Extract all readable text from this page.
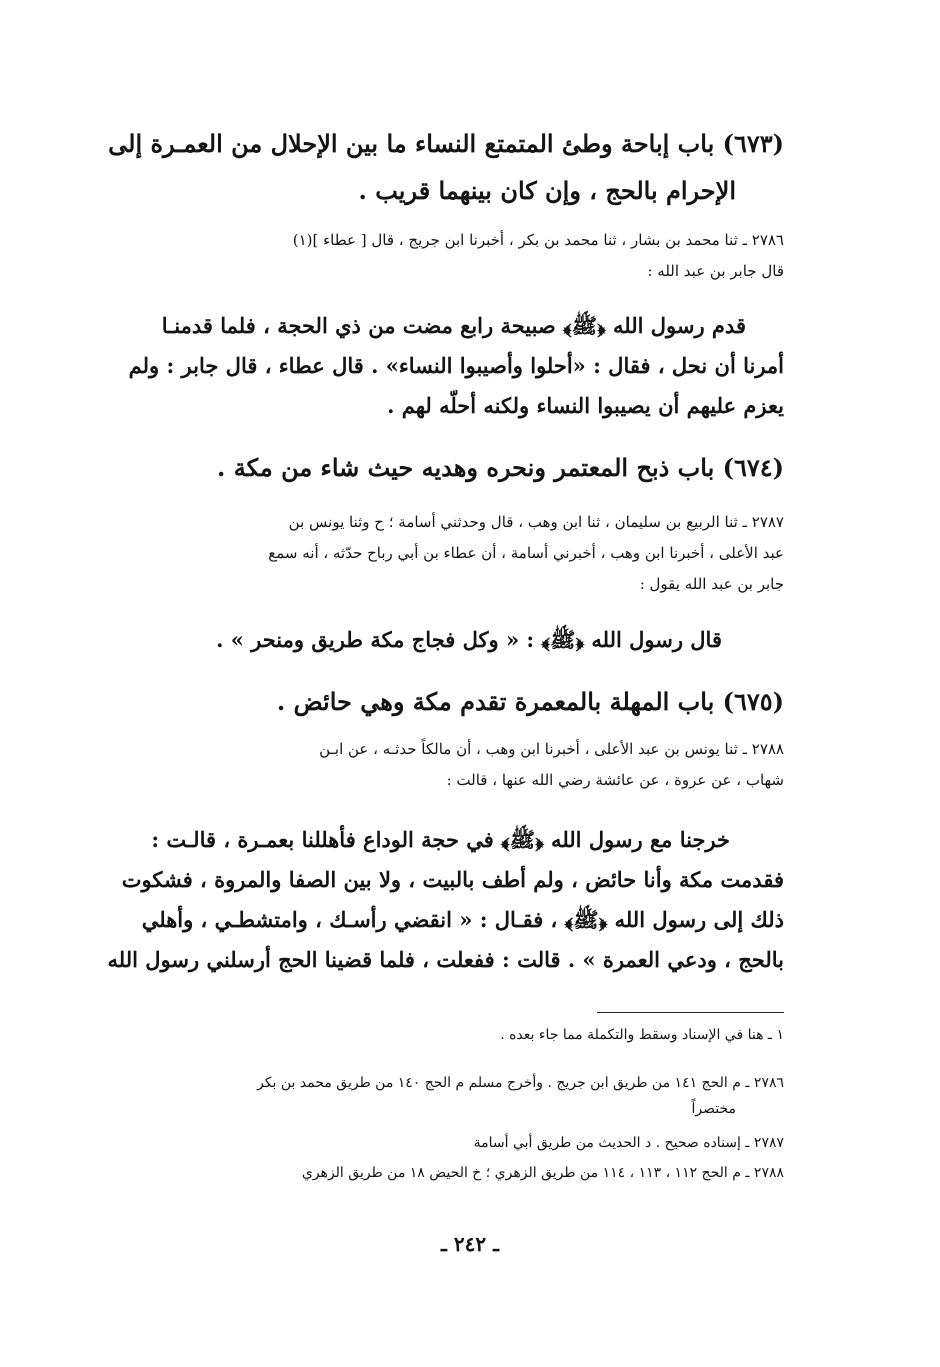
(٦٧٣) باب إباحة وطئ المتمتع النساء ما بين الإحلال من العمـرة إلى
الإحرام بالحج ، وإن كان بينهما قريب .
٢٧٨٦ ـ ثنا محمد بن بشار ، ثنا محمد بن بكر ، أخبرنا ابن جريج ، قال [ عطاء ](١)
قال جابر بن عبد الله :
قدم رسول الله ﴿ﷺ﴾ صبيحة رابع مضت من ذي الحجة ، فلما قدمنـا
أمرنا أن نحل ، فقال : «أحلوا وأصيبوا النساء» . قال عطاء ، قال جابر : ولم
يعزم عليهم أن يصيبوا النساء ولكنه أحلّه لهم .
(٦٧٤) باب ذبح المعتمر ونحره وهديه حيث شاء من مكة .
٢٧٨٧ ـ ثنا الربيع بن سليمان ، ثنا ابن وهب ، قال وحدثني أسامة ؛ ح وثنا يونس بن
عبد الأعلى ، أخبرنا ابن وهب ، أخبرني أسامة ، أن عطاء بن أبي رباح حدّثه ، أنه سمع
جابر بن عبد الله يقول :
قال رسول الله ﴿ﷺ﴾ : « وكل فجاج مكة طريق ومنحر » .
(٦٧٥) باب المهلة بالمعمرة تقدم مكة وهي حائض .
٢٧٨٨ ـ ثنا يونس بن عبد الأعلى ، أخبرنا ابن وهب ، أن مالكاً حدثـه ، عن ابـن
شهاب ، عن عروة ، عن عائشة رضي الله عنها ، قالت :
خرجنا مع رسول الله ﴿ﷺ﴾ في حجة الوداع فأهللنا بعمـرة ، قالـت :
فقدمت مكة وأنا حائض ، ولم أطف بالبيت ، ولا بين الصفا والمروة ، فشكوت
ذلك إلى رسول الله ﴿ﷺ﴾ ، فقـال : « انقضي رأسـك ، وامتشطـي ، وأهلي
بالحج ، ودعي العمرة » . قالت : ففعلت ، فلما قضينا الحج أرسلني رسول الله
١ ـ هنا في الإسناد وسقط والتكملة مما جاء بعده .
٢٧٨٦ ـ م الحج ١٤١ من طريق ابن جريج . وأخرج مسلم م الحج ١٤٠ من طريق محمد بن بكر
مختصراً
٢٧٨٧ ـ إسناده صحيح . د الحديث من طريق أبي أسامة
٢٧٨٨ ـ م الحج ١١٢ ، ١١٣ ، ١١٤ من طريق الزهري ؛ خ الحيض ١٨ من طريق الزهري
ـ ٢٤٢ ـ
